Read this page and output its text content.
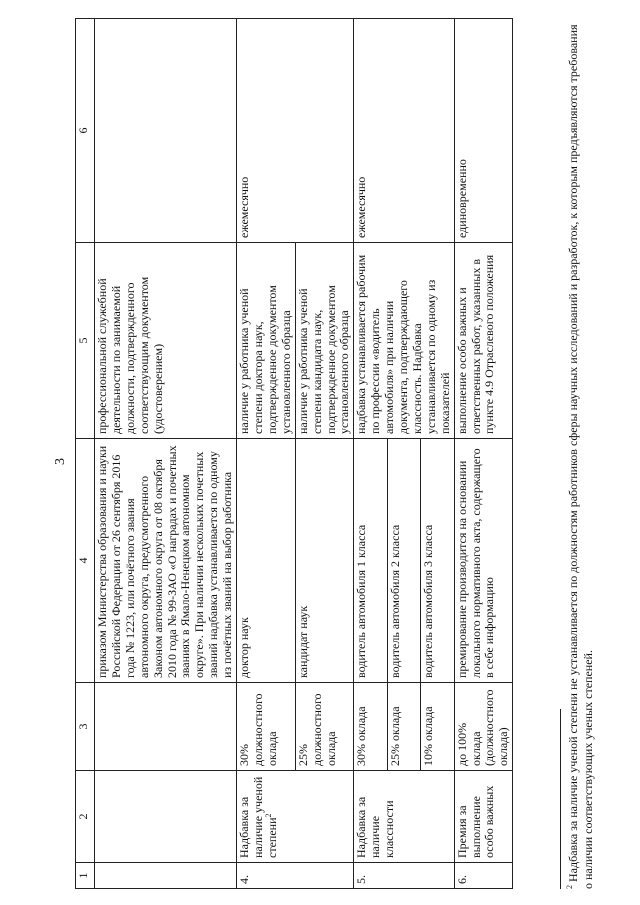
3
1	2	3	4	5	6
			приказом Министерства образования и науки Российской Федерации от 26 сентября 2016 года № 1223, или почётного звания автономного округа, предусмотренного Законом автономного округа от 08 октября 2010 года № 99-ЗАО «О наградах и почетных званиях в Ямало-Ненецком автономном округе». При наличии нескольких почетных званий надбавка устанавливается по одному из почётных званий на выбор работника	профессиональной служебной деятельности по занимаемой должности, подтвержденного соответствующим документом (удостоверением)	
4.	Надбавка за наличие ученой степени$^2$	30% должностного оклада	доктор наук	наличие у работника ученой степени доктора наук, подтвержденное документом установленного образца	ежемесячно
		25% должностного оклада	кандидат наук	наличие у работника ученой степени кандидата наук, подтвержденное документом установленного образца	
5.	Надбавка за наличие классности	30% оклада	водитель автомобиля 1 класса	надбавка устанавливается рабочим по профессии «водитель автомобиля» при наличии документа, подтверждающего классность. Надбавка устанавливается по одному из показателей	ежемесячно
		25% оклада	водитель автомобиля 2 класса		
		10% оклада	водитель автомобиля 3 класса		
6.	Премия за выполнение особо важных	до 100% оклада (должностного оклада)	премирование производится на основании локального нормативного акта, содержащего в себе информацию	выполнение особо важных и ответственных работ, указанных в пункте 4.9 Отраслевого положения	единовременно
$^2$ Надбавка за наличие ученой степени не устанавливается по должностям работников сферы научных исследований и разработок, к которым предъявляются требования о наличии соответствующих ученых степеней.
